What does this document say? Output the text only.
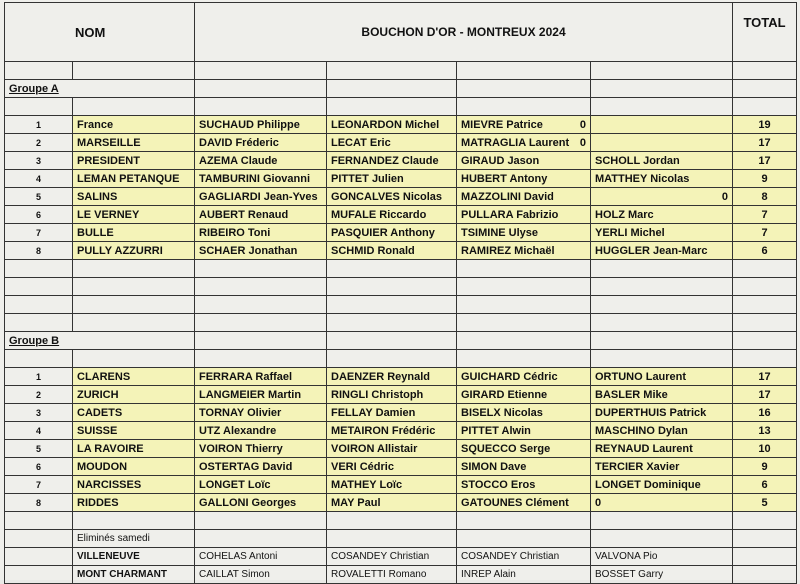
NOM		BOUCHON D'OR - MONTREUX 2024				TOTAL

Groupe A						

1	France	SUCHAUD Philippe	LEONARDON Michel	MIEVRE Patrice 0		19
2	MARSEILLE	DAVID Fréderic	LECAT Eric	MATRAGLIA Laurent 0		17
3	PRESIDENT	AZEMA Claude	FERNANDEZ Claude	GIRAUD Jason	SCHOLL Jordan	17
4	LEMAN PETANQUE	TAMBURINI Giovanni	PITTET Julien	HUBERT Antony	MATTHEY Nicolas	9
5	SALINS	GAGLIARDI Jean-Yves	GONCALVES Nicolas	MAZZOLINI David	0	8
6	LE VERNEY	AUBERT Renaud	MUFALE Riccardo	PULLARA Fabrizio	HOLZ Marc	7
7	BULLE	RIBEIRO Toni	PASQUIER Anthony	TSIMINE Ulyse	YERLI Michel	7
8	PULLY AZZURRI	SCHAER Jonathan	SCHMID Ronald	RAMIREZ Michaël	HUGGLER Jean-Marc	6

Groupe B						

1	CLARENS	FERRARA Raffael	DAENZER Reynald	GUICHARD Cédric	ORTUNO Laurent	17
2	ZURICH	LANGMEIER Martin	RINGLI Christoph	GIRARD Etienne	BASLER Mike	17
3	CADETS	TORNAY Olivier	FELLAY Damien	BISELX Nicolas	DUPERTHUIS Patrick	16
4	SUISSE	UTZ Alexandre	METAIRON Frédéric	PITTET Alwin	MASCHINO Dylan	13
5	LA RAVOIRE	VOIRON Thierry	VOIRON Allistair	SQUECCO Serge	REYNAUD Laurent	10
6	MOUDON	OSTERTAG David	VERI Cédric	SIMON Dave	TERCIER Xavier	9
7	NARCISSES	LONGET Loïc	MATHEY Loïc	STOCCO Eros	LONGET Dominique	6
8	RIDDES	GALLONI Georges	MAY Paul	GATOUNES Clément	0	5

	Eliminés samedi					
	VILLENEUVE	COHELAS Antoni	COSANDEY Christian	COSANDEY Christian	VALVONA Pio	
	MONT CHARMANT	CAILLAT Simon	ROVALETTI Romano	INREP Alain	BOSSET Garry	
